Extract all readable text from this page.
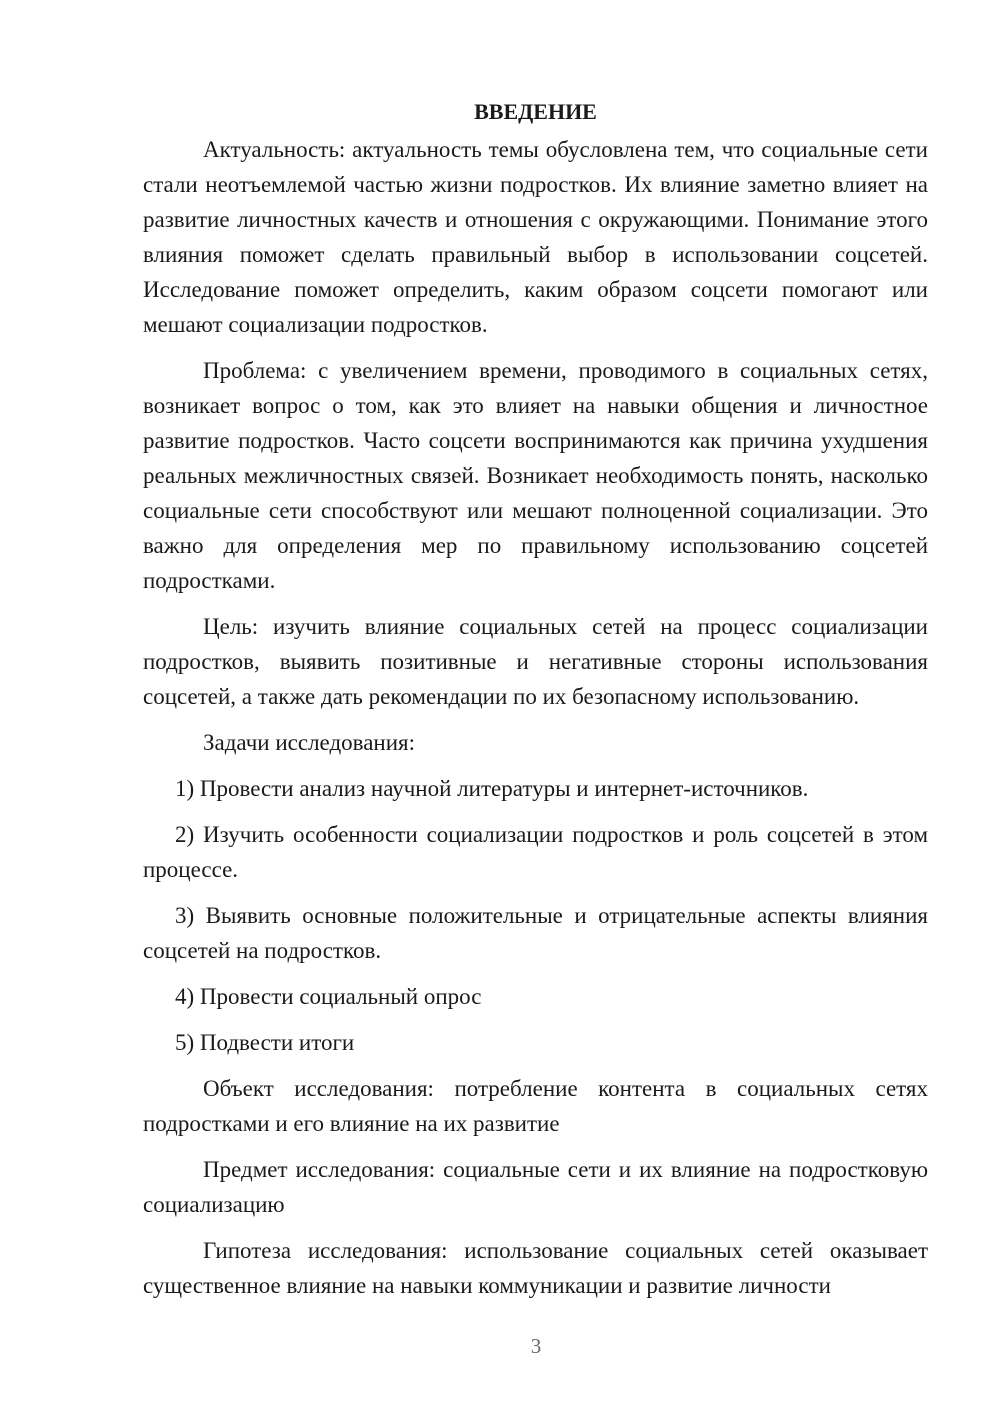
ВВЕДЕНИЕ

Актуальность: актуальность темы обусловлена тем, что социальные сети стали неотъемлемой частью жизни подростков. Их влияние заметно влияет на развитие личностных качеств и отношения с окружающими. Понимание этого влияния поможет сделать правильный выбор в использовании соцсетей. Исследование поможет определить, каким образом соцсети помогают или мешают социализации подростков.

Проблема: с увеличением времени, проводимого в социальных сетях, возникает вопрос о том, как это влияет на навыки общения и личностное развитие подростков. Часто соцсети воспринимаются как причина ухудшения реальных межличностных связей. Возникает необходимость понять, насколько социальные сети способствуют или мешают полноценной социализации. Это важно для определения мер по правильному использованию соцсетей подростками.

Цель: изучить влияние социальных сетей на процесс социализации подростков, выявить позитивные и негативные стороны использования соцсетей, а также дать рекомендации по их безопасному использованию.

Задачи исследования:

1) Провести анализ научной литературы и интернет-источников.

2) Изучить особенности социализации подростков и роль соцсетей в этом процессе.

3) Выявить основные положительные и отрицательные аспекты влияния соцсетей на подростков.

4) Провести социальный опрос

5) Подвести итоги

Объект исследования: потребление контента в социальных сетях подростками и его влияние на их развитие

Предмет исследования: социальные сети и их влияние на подростковую социализацию

Гипотеза исследования: использование социальных сетей оказывает существенное влияние на навыки коммуникации и развитие личности

3
